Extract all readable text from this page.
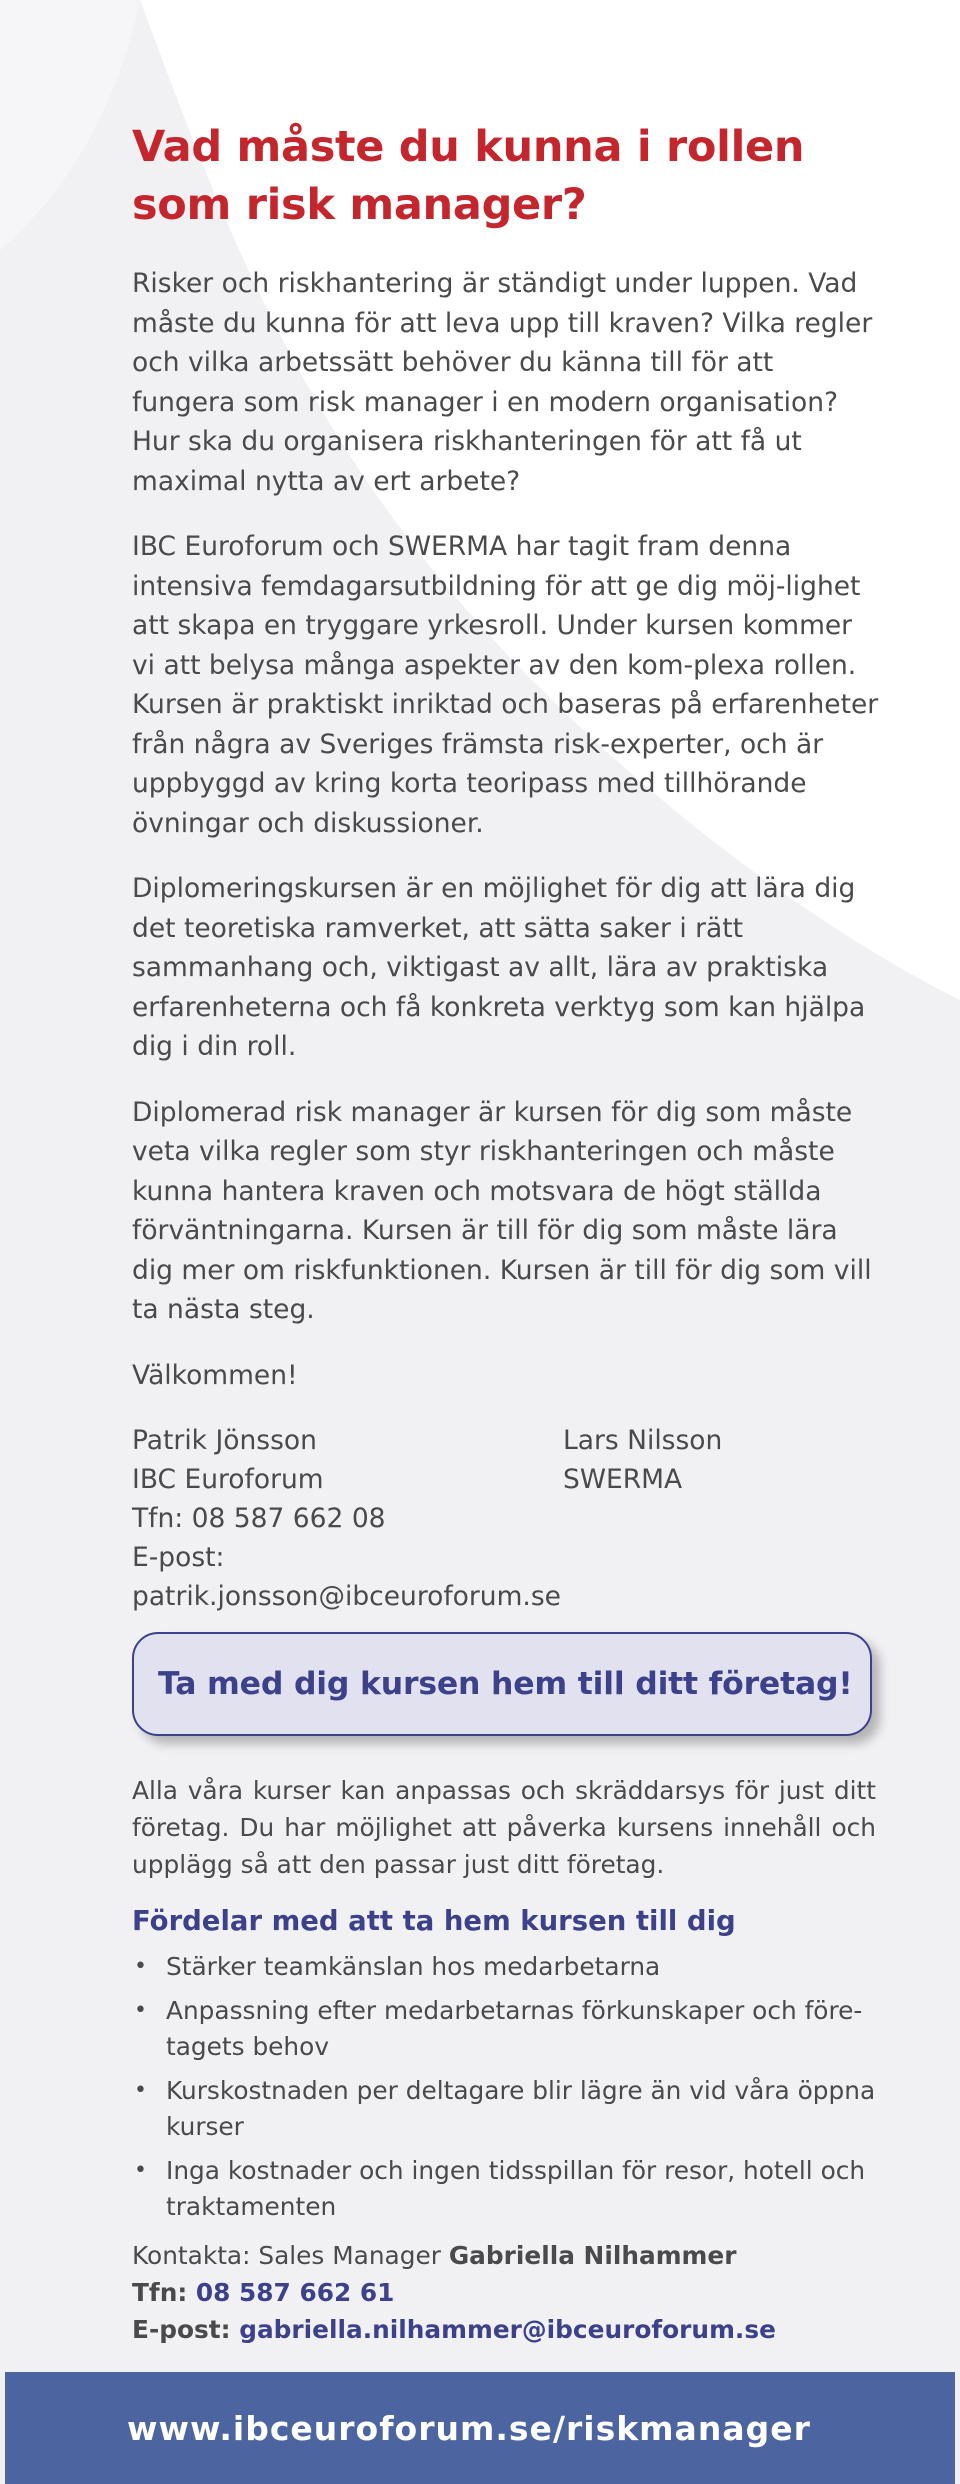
Vad måste du kunna i rollen som risk manager?

Risker och riskhantering är ständigt under luppen. Vad måste du kunna för att leva upp till kraven? Vilka regler och vilka arbetssätt behöver du känna till för att fungera som risk manager i en modern organisation? Hur ska du organisera riskhanteringen för att få ut maximal nytta av ert arbete?

IBC Euroforum och SWERMA har tagit fram denna intensiva femdagarsutbildning för att ge dig möj-lighet att skapa en tryggare yrkesroll. Under kursen kommer vi att belysa många aspekter av den kom-plexa rollen. Kursen är praktiskt inriktad och baseras på erfarenheter från några av Sveriges främsta risk-experter, och är uppbyggd av kring korta teoripass med tillhörande övningar och diskussioner.

Diplomeringskursen är en möjlighet för dig att lära dig det teoretiska ramverket, att sätta saker i rätt sammanhang och, viktigast av allt, lära av praktiska erfarenheterna och få konkreta verktyg som kan hjälpa dig i din roll.

Diplomerad risk manager är kursen för dig som måste veta vilka regler som styr riskhanteringen och måste kunna hantera kraven och motsvara de högt ställda förväntningarna. Kursen är till för dig som måste lära dig mer om riskfunktionen. Kursen är till för dig som vill ta nästa steg.

Välkommen!
Patrik Jönsson
IBC Euroforum
Tfn: 08 587 662 08
E-post: patrik.jonsson@ibceuroforum.se
Lars Nilsson
SWERMA
Ta med dig kursen hem till ditt företag!

Alla våra kurser kan anpassas och skräddarsys för just ditt företag. Du har möjlighet att påverka kursens innehåll och upplägg så att den passar just ditt företag.

Fördelar med att ta hem kursen till dig
• Stärker teamkänslan hos medarbetarna
• Anpassning efter medarbetarnas förkunskaper och före-tagets behov
• Kurskostnaden per deltagare blir lägre än vid våra öppna kurser
• Inga kostnader och ingen tidsspillan för resor, hotell och traktamenten
Kontakta: Sales Manager Gabriella Nilhammer
Tfn: 08 587 662 61
E-post: gabriella.nilhammer@ibceuroforum.se
www.ibceuroforum.se/riskmanager
